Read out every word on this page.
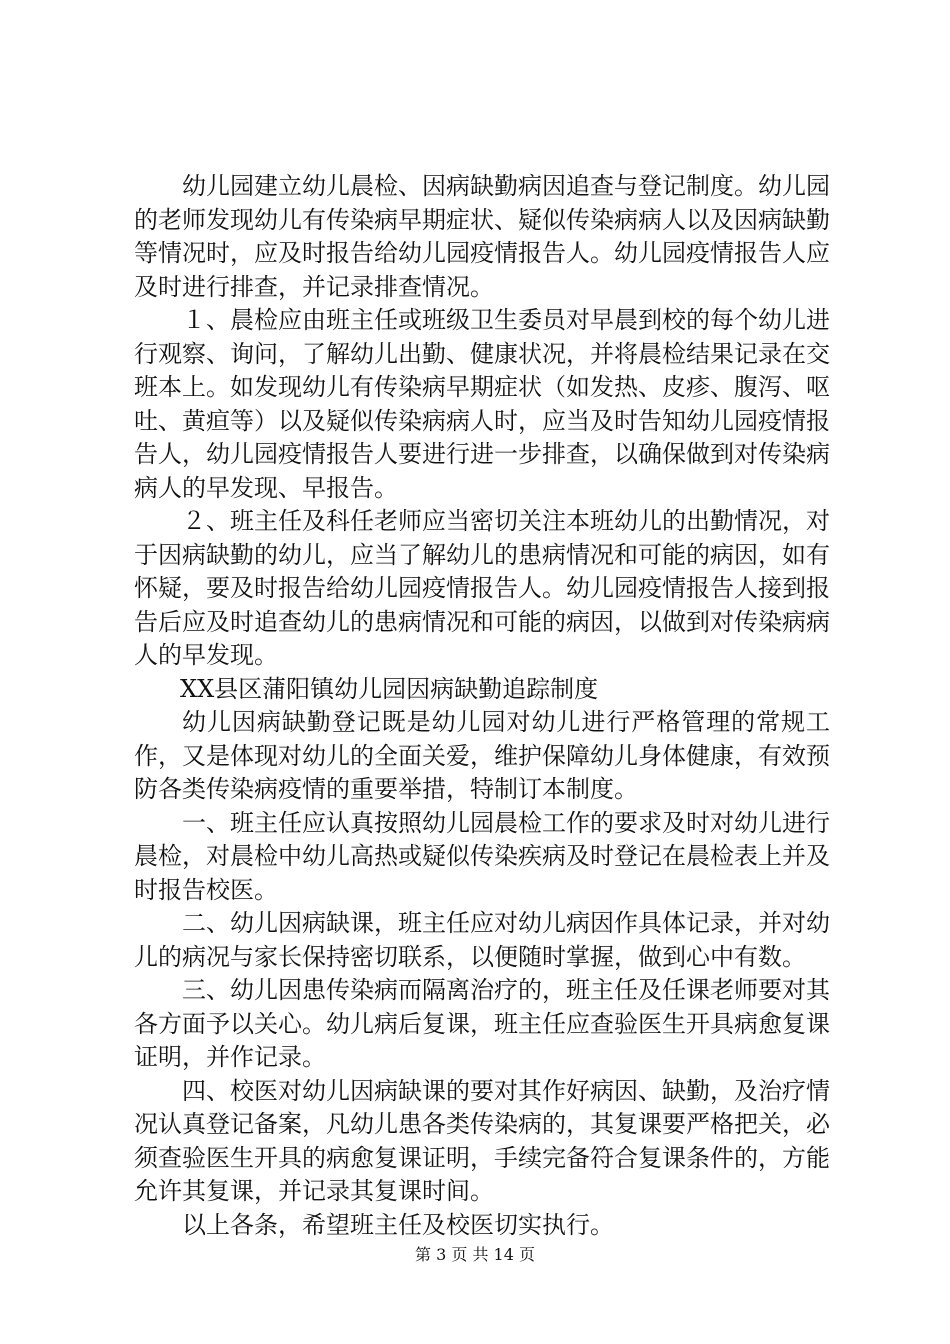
幼儿园建立幼儿晨检、因病缺勤病因追查与登记制度。幼儿园的老师发现幼儿有传染病早期症状、疑似传染病病人以及因病缺勤等情况时，应及时报告给幼儿园疫情报告人。幼儿园疫情报告人应及时进行排查，并记录排查情况。

１、晨检应由班主任或班级卫生委员对早晨到校的每个幼儿进行观察、询问，了解幼儿出勤、健康状况，并将晨检结果记录在交班本上。如发现幼儿有传染病早期症状（如发热、皮疹、腹泻、呕吐、黄疸等）以及疑似传染病病人时，应当及时告知幼儿园疫情报告人，幼儿园疫情报告人要进行进一步排查，以确保做到对传染病病人的早发现、早报告。

２、班主任及科任老师应当密切关注本班幼儿的出勤情况，对于因病缺勤的幼儿，应当了解幼儿的患病情况和可能的病因，如有怀疑，要及时报告给幼儿园疫情报告人。幼儿园疫情报告人接到报告后应及时追查幼儿的患病情况和可能的病因，以做到对传染病病人的早发现。

XX县区蒲阳镇幼儿园因病缺勤追踪制度

幼儿因病缺勤登记既是幼儿园对幼儿进行严格管理的常规工作，又是体现对幼儿的全面关爱，维护保障幼儿身体健康，有效预防各类传染病疫情的重要举措，特制订本制度。

一、班主任应认真按照幼儿园晨检工作的要求及时对幼儿进行晨检，对晨检中幼儿高热或疑似传染疾病及时登记在晨检表上并及时报告校医。

二、幼儿因病缺课，班主任应对幼儿病因作具体记录，并对幼儿的病况与家长保持密切联系，以便随时掌握，做到心中有数。

三、幼儿因患传染病而隔离治疗的，班主任及任课老师要对其各方面予以关心。幼儿病后复课，班主任应查验医生开具病愈复课证明，并作记录。

四、校医对幼儿因病缺课的要对其作好病因、缺勤，及治疗情况认真登记备案，凡幼儿患各类传染病的，其复课要严格把关，必须查验医生开具的病愈复课证明，手续完备符合复课条件的，方能允许其复课，并记录其复课时间。

以上各条，希望班主任及校医切实执行。

第 3 页 共 14 页
